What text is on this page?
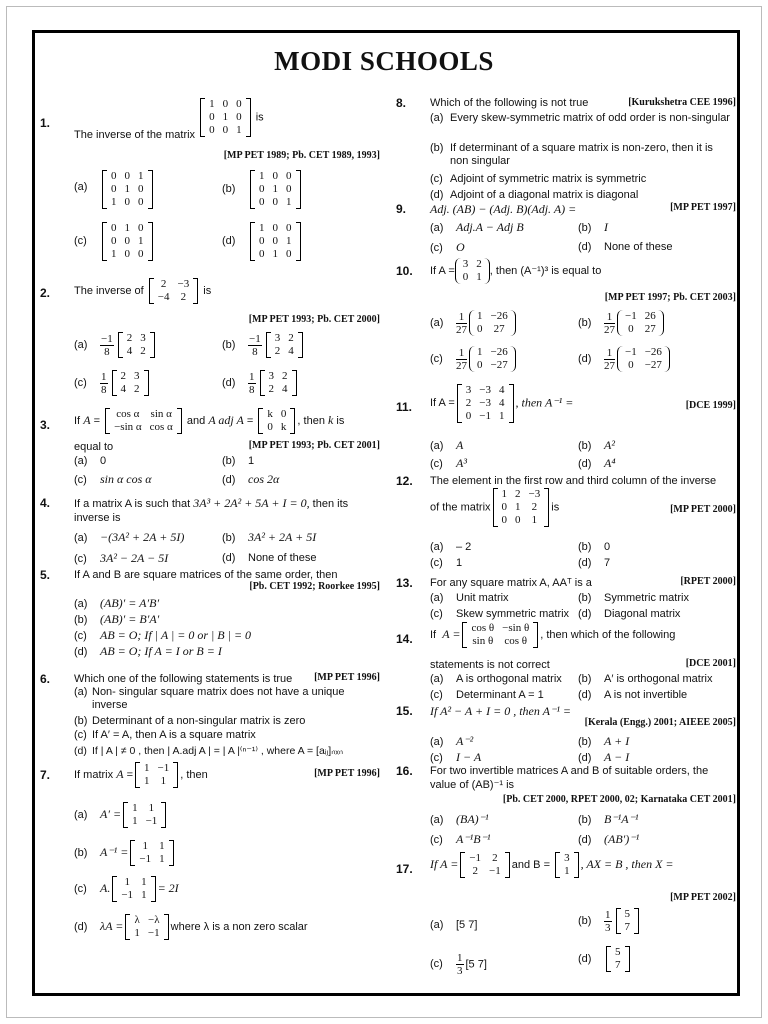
MODI SCHOOLS
1.
The inverse of the matrix
1	0	0
0	1	0
0	0	1
is
[MP PET 1989; Pb. CET 1989, 1993]
(a)
0	0	1
0	1	0
1	0	0
(b)
1	0	0
0	1	0
0	0	1
(c)
0	1	0
0	0	1
1	0	0
(d)
1	0	0
0	0	1
0	1	0
2. The inverse of
2	−3
−4	2
is
[MP PET 1993; Pb. CET 2000]
$(a) \frac{-1}{8} 2$	3
4	2
$(b) \frac{-1}{8} 3$	2
2	4
$(c) \frac{1}{8} 2$	3
4	2
$(d) \frac{1}{8} 3$	2
2	4
3. If A =
cos α	sin α
−sin α	cos α
and A adj A =
k	0
0	k
, then k is
equal to	[MP PET 1993; Pb. CET 2001]
(a) 0	(b) 1
(c) sin α cos α	(d) cos 2α
4. If a matrix A is such that 3A³ + 2A² + 5A + I = 0, then its inverse is
(a) −(3A² + 2A + 5I)	(b) 3A² + 2A + 5I
(c) 3A² − 2A − 5I	(d) None of these
5. If A and B are square matrices of the same order, then
[Pb. CET 1992; Roorkee 1995]
(a) (AB)′ = A′B′
(b) (AB)′ = B′A′
(c) AB = O; If | A | = 0 or | B | = 0
(d) AB = O; If A = I or B = I
6. Which one of the following statements is true	[MP PET 1996]
(a) Non- singular square matrix does not have a unique inverse
(b) Determinant of a non-singular matrix is zero
(c) If A′ = A, then A is a square matrix
(d) If | A | ≠ 0 , then | A.adj A | = | A |⁽ⁿ⁻¹⁾ , where A = [aᵢⱼ]ₙₓₙ
7. If matrix A =
1	−1
1	1
, then	[MP PET 1996]
(a) A′ = 1	1
1	−1
(b) A⁻¹ = 1	1
−1	1
(c) A. 1	1
−1	1
= 2I
(d) λA = λ	−λ
1	−1
where λ is a non zero scalar
8. Which of the following is not true	[Kurukshetra CEE 1996]
(a) Every skew-symmetric matrix of odd order is non-singular
(b) If determinant of a square matrix is non-zero, then it is non singular
(c) Adjoint of symmetric matrix is symmetric
(d) Adjoint of a diagonal matrix is diagonal
9. Adj. (AB) − (Adj. B)(Adj. A) =	[MP PET 1997]
(a) Adj.A − Adj B	(b) I
(c) O	(d) None of these
10. If A =
3	2
0	1
, then (A⁻¹)³ is equal to
[MP PET 1997; Pb. CET 2003]
$(a) \frac{1}{27} 1$	−26
0	27
$(b) \frac{1}{27} -1$	26
0	27
$(c) \frac{1}{27} 1$	−26
0	−27
$(d) \frac{1}{27} -1$	−26
0	−27
11. If A =
3	−3	4
2	−3	4
0	−1	1
, then A⁻¹ =	[DCE 1999]
(a) A	(b) A²
(c) A³	(d) A⁴
12. The element in the first row and third column of the inverse
of the matrix
1	2	−3
0	1	2
0	0	1
is	[MP PET 2000]
(a) – 2	(b) 0
(c) 1	(d) 7
13. For any square matrix A, AAᵀ is a	[RPET 2000]
(a) Unit matrix	(b) Symmetric matrix
(c) Skew symmetric matrix (d) Diagonal matrix
14. If A = cos θ	−sin θ
sin θ	cos θ
, then which of the following
statements is not correct	[DCE 2001]
(a) A is orthogonal matrix (b) A′ is orthogonal matrix
(c) Determinant A = 1	(d) A is not invertible
15. If A² − A + I = 0 , then A⁻¹ =
[Kerala (Engg.) 2001; AIEEE 2005]
(a) A⁻²	(b) A + I
(c) I − A	(d) A − I
16. For two invertible matrices A and B of suitable orders, the value of (AB)⁻¹ is
[Pb. CET 2000, RPET 2000, 02; Karnataka CET 2001]
(a) (BA)⁻¹	(b) B⁻¹A⁻¹
(c) A⁻¹B⁻¹	(d) (AB′)⁻¹
17. If A = −1	2
2	−1
and B =
3
1
, AX = B , then X =
[MP PET 2002]
(a) [5 7]	$(b) \frac{1}{3} 5$
7
$(c) \frac{1}{3} [5$ 7]	(d)
5
7
